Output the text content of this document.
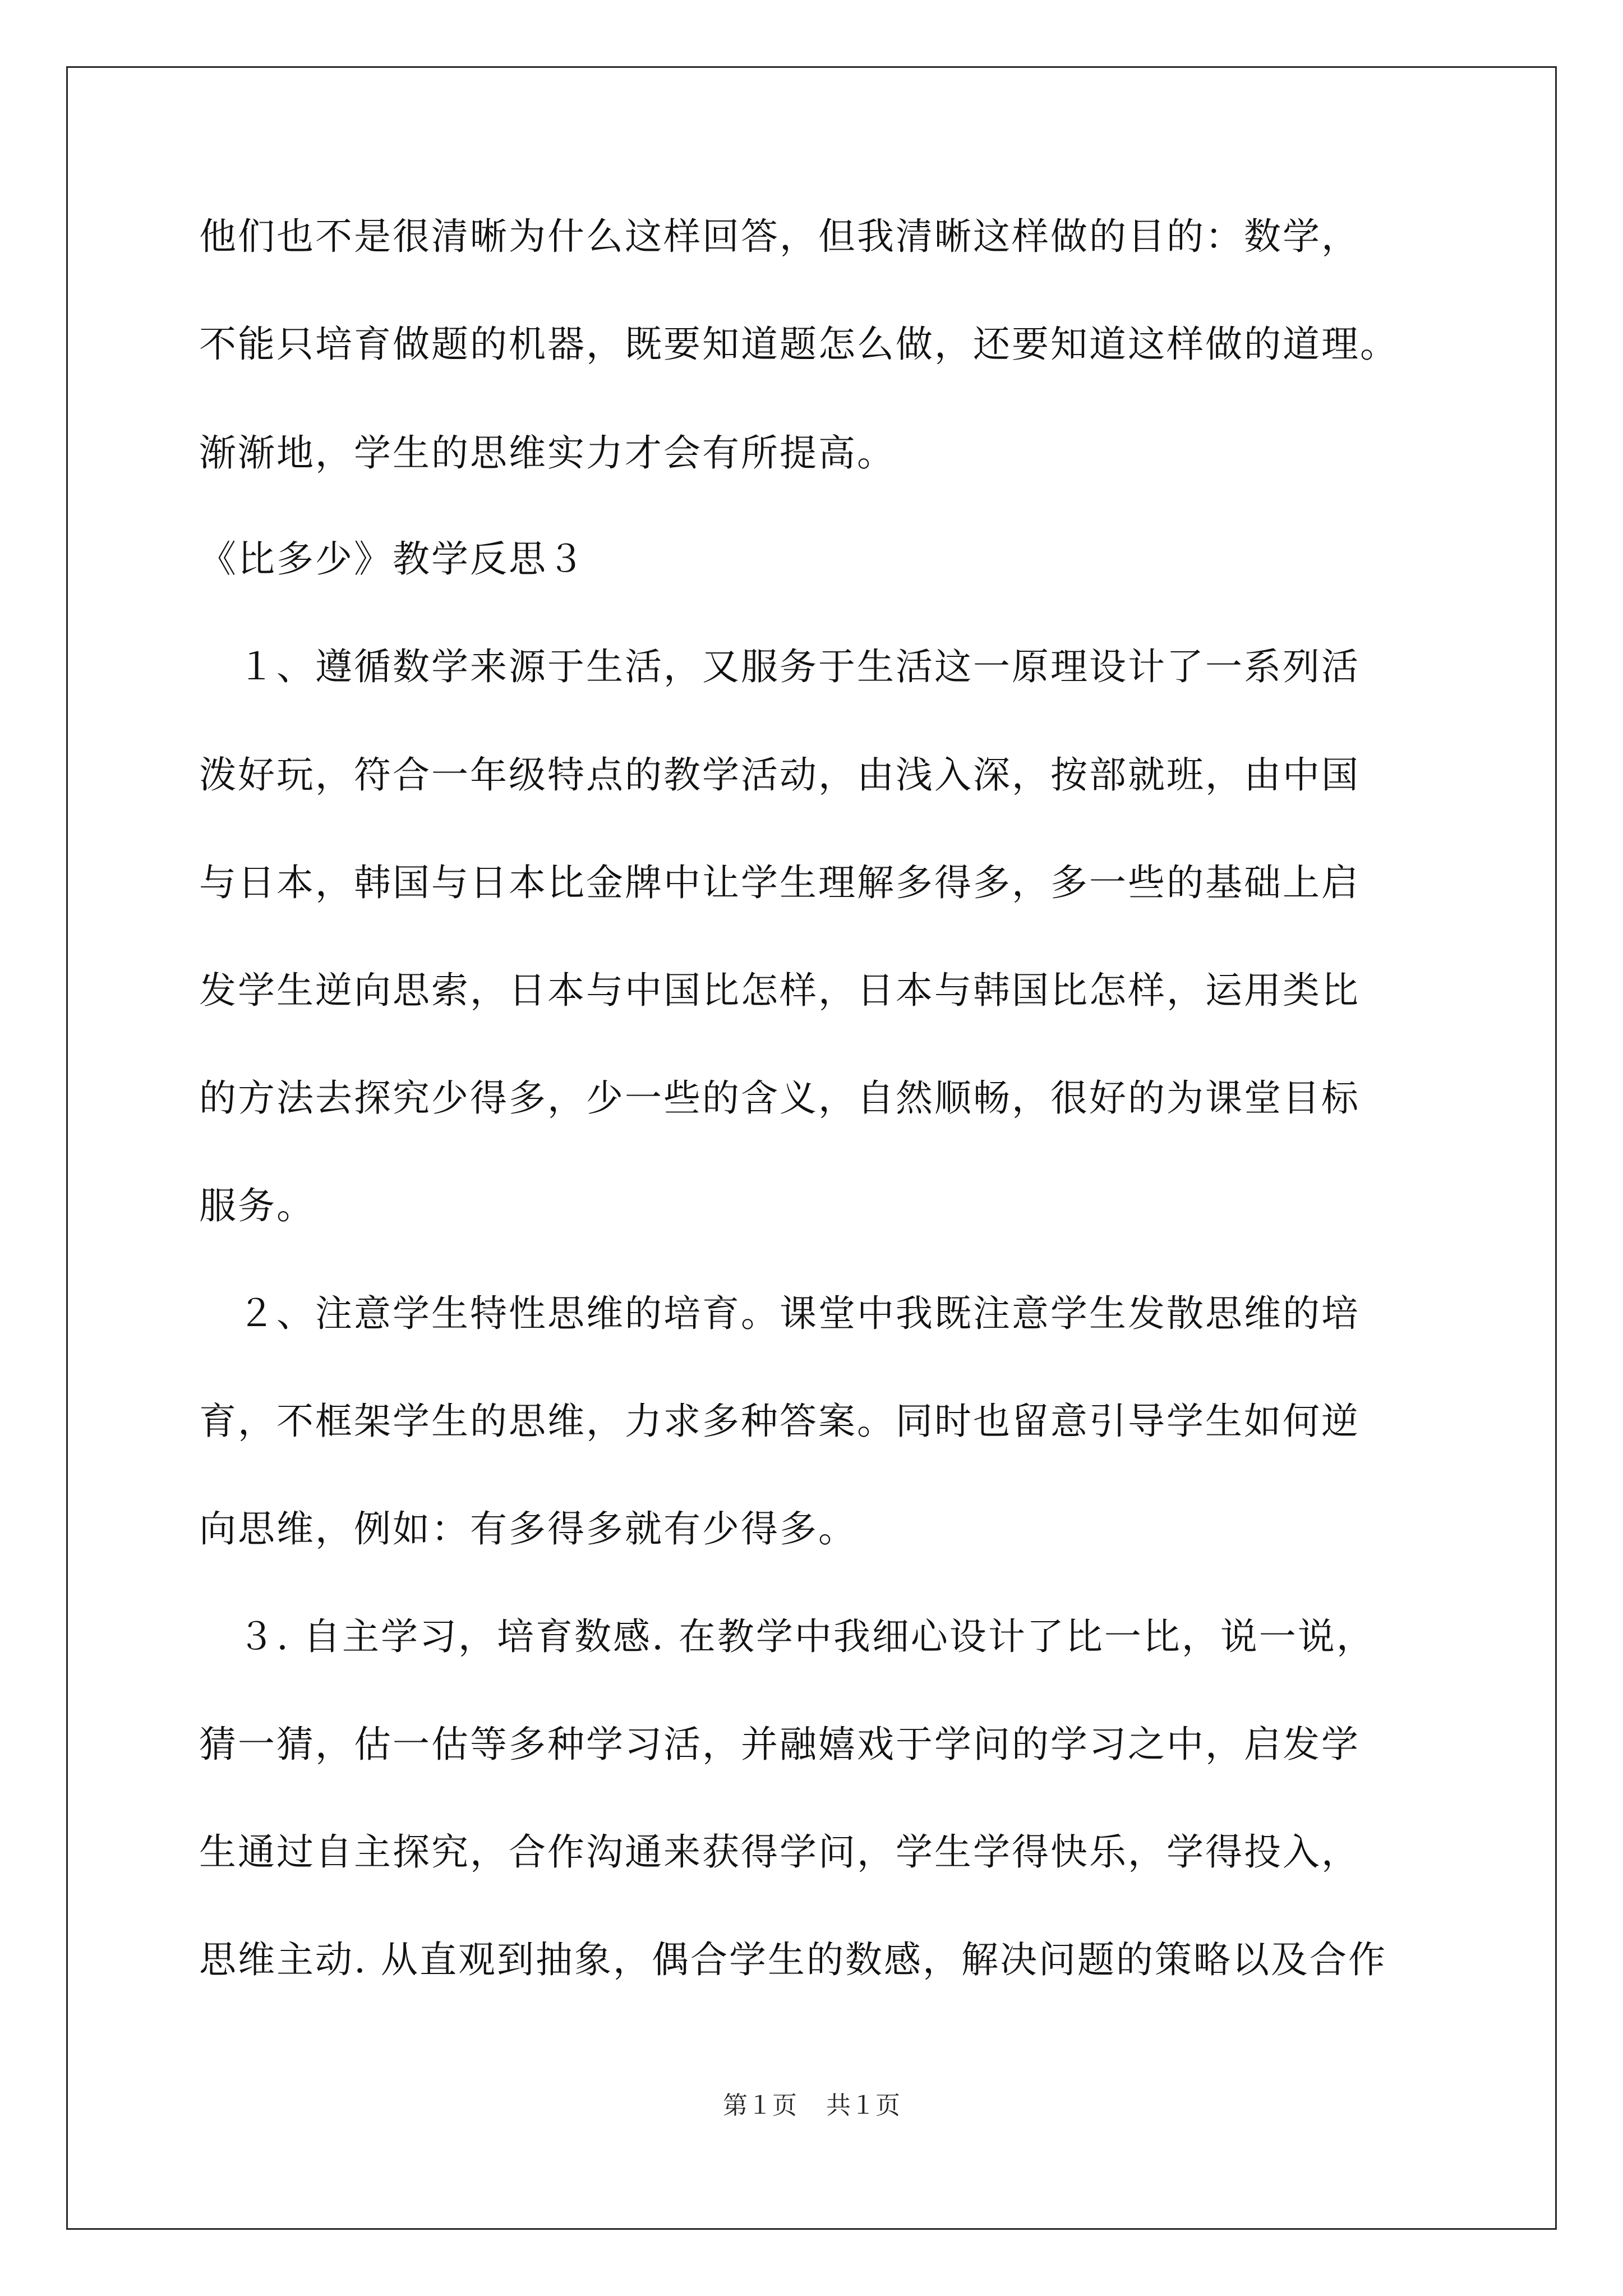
他们也不是很清晰为什么这样回答，但我清晰这样做的目的：数学，

不能只培育做题的机器，既要知道题怎么做，还要知道这样做的道理。

渐渐地，学生的思维实力才会有所提高。

《比多少》教学反思３

　１、遵循数学来源于生活，又服务于生活这一原理设计了一系列活

泼好玩，符合一年级特点的教学活动，由浅入深，按部就班，由中国

与日本，韩国与日本比金牌中让学生理解多得多，多一些的基础上启

发学生逆向思索，日本与中国比怎样，日本与韩国比怎样，运用类比

的方法去探究少得多，少一些的含义，自然顺畅，很好的为课堂目标

服务。

　２、注意学生特性思维的培育。课堂中我既注意学生发散思维的培

育，不框架学生的思维，力求多种答案。同时也留意引导学生如何逆

向思维，例如：有多得多就有少得多。

　３. 自主学习，培育数感. 在教学中我细心设计了比一比，说一说，

猜一猜，估一估等多种学习活，并融嬉戏于学问的学习之中，启发学

生通过自主探究，合作沟通来获得学问，学生学得快乐，学得投入，

思维主动. 从直观到抽象，偶合学生的数感，解决问题的策略以及合作

第１页 共１页
